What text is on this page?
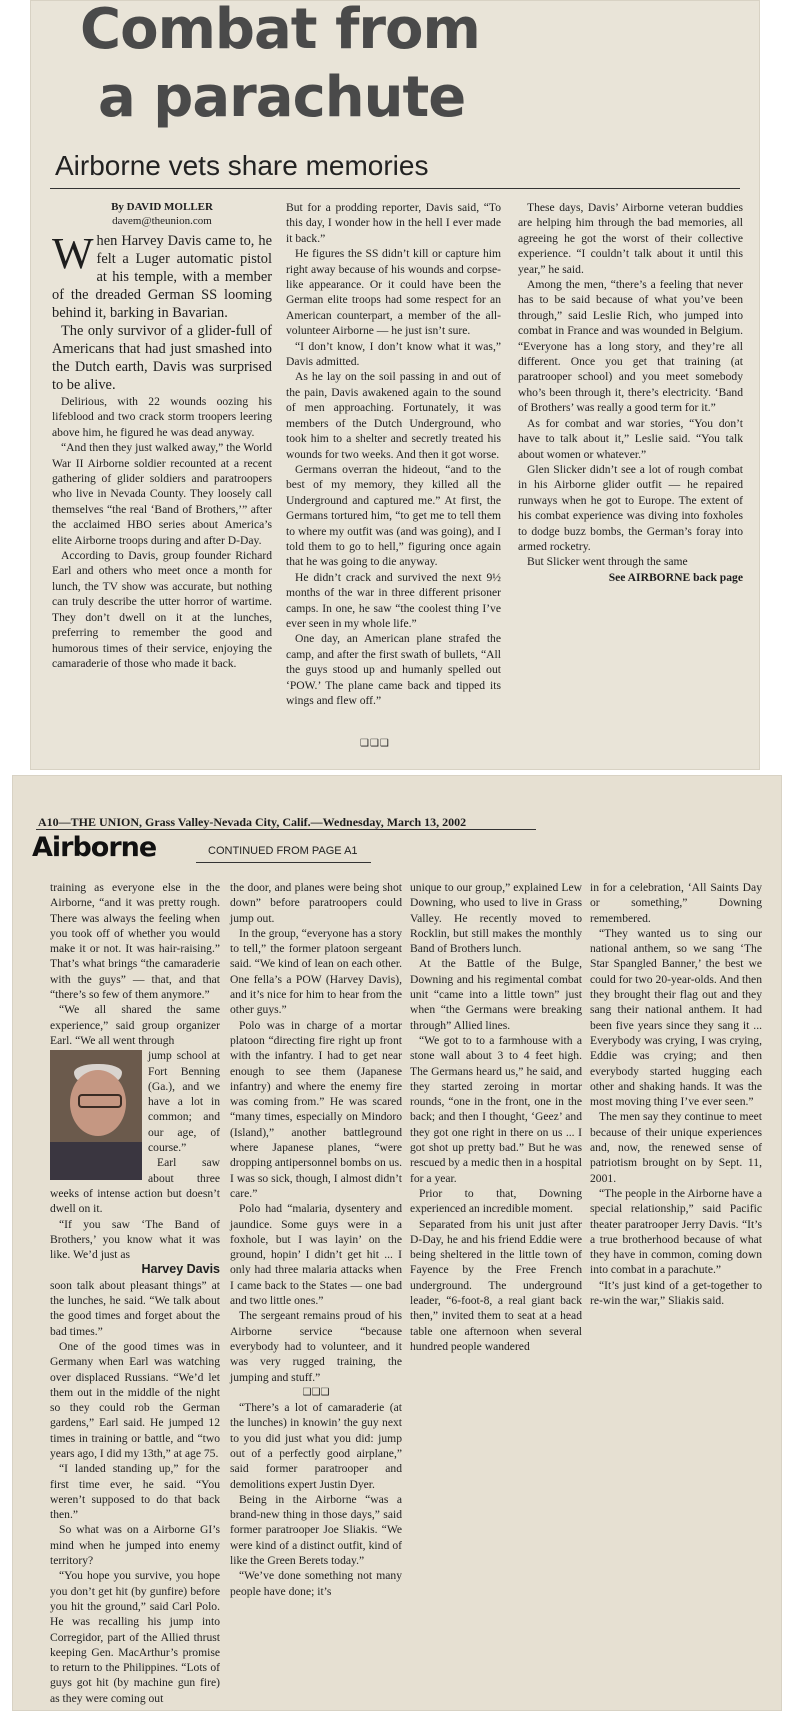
Combat from
a parachute
Airborne vets share memories
By DAVID MOLLER
davem@theunion.com

When Harvey Davis came to, he felt a Luger automatic pistol at his temple, with a member of the dreaded German SS looming behind it, barking in Bavarian.

The only survivor of a glider-full of Americans that had just smashed into the Dutch earth, Davis was surprised to be alive.

Delirious, with 22 wounds oozing his lifeblood and two crack storm troopers leering above him, he figured he was dead anyway.

“And then they just walked away,” the World War II Airborne soldier recounted at a recent gathering of glider soldiers and paratroopers who live in Nevada County. They loosely call themselves “the real ‘Band of Brothers,’” after the acclaimed HBO series about America’s elite Airborne troops during and after D-Day.

According to Davis, group founder Richard Earl and others who meet once a month for lunch, the TV show was accurate, but nothing can truly describe the utter horror of wartime. They don’t dwell on it at the lunches, preferring to remember the good and humorous times of their service, enjoying the camaraderie of those who made it back.

But for a prodding reporter, Davis said, “To this day, I wonder how in the hell I ever made it back.”

He figures the SS didn’t kill or capture him right away because of his wounds and corpse-like appearance. Or it could have been the German elite troops had some respect for an American counterpart, a member of the all-volunteer Airborne — he just isn’t sure.

“I don’t know, I don’t know what it was,” Davis admitted.

As he lay on the soil passing in and out of the pain, Davis awakened again to the sound of men approaching. Fortunately, it was members of the Dutch Underground, who took him to a shelter and secretly treated his wounds for two weeks. And then it got worse.

Germans overran the hideout, “and to the best of my memory, they killed all the Underground and captured me.” At first, the Germans tortured him, “to get me to tell them to where my outfit was (and was going), and I told them to go to hell,” figuring once again that he was going to die anyway.

He didn’t crack and survived the next 9½ months of the war in three different prisoner camps. In one, he saw “the coolest thing I’ve ever seen in my whole life.”

One day, an American plane strafed the camp, and after the first swath of bullets, “All the guys stood up and humanly spelled out ‘POW.’ The plane came back and tipped its wings and flew off.”

❑❑❑

These days, Davis’ Airborne veteran buddies are helping him through the bad memories, all agreeing he got the worst of their collective experience. “I couldn’t talk about it until this year,” he said.

Among the men, “there’s a feeling that never has to be said because of what you’ve been through,” said Leslie Rich, who jumped into combat in France and was wounded in Belgium. “Everyone has a long story, and they’re all different. Once you get that training (at paratrooper school) and you meet somebody who’s been through it, there’s electricity. ‘Band of Brothers’ was really a good term for it.”

As for combat and war stories, “You don’t have to talk about it,” Leslie said. “You talk about women or whatever.”

Glen Slicker didn’t see a lot of rough combat in his Airborne glider outfit — he repaired runways when he got to Europe. The extent of his combat experience was diving into foxholes to dodge buzz bombs, the German’s foray into armed rocketry.

But Slicker went through the same

See AIRBORNE back page

A10—THE UNION, Grass Valley-Nevada City, Calif.—Wednesday, March 13, 2002
Airborne	CONTINUED FROM PAGE A1

training as everyone else in the Airborne, “and it was pretty rough. There was always the feeling when you took off of whether you would make it or not. It was hair-raising.” That’s what brings “the camaraderie with the guys” — that, and that “there’s so few of them anymore.”

“We all shared the same experience,” said group organizer Earl. “We all went through

jump school at Fort Benning (Ga.), and we have a lot in common; and our age, of course.”

Earl saw about three weeks of intense action but doesn’t dwell on it.

“If you saw ‘The Band of Brothers,’ you know what it was like. We’d just as

Harvey Davis

soon talk about pleasant things” at the lunches, he said. “We talk about the good times and forget about the bad times.”

One of the good times was in Germany when Earl was watching over displaced Russians. “We’d let them out in the middle of the night so they could rob the German gardens,” Earl said. He jumped 12 times in training or battle, and “two years ago, I did my 13th,” at age 75.

“I landed standing up,” for the first time ever, he said. “You weren’t supposed to do that back then.”

So what was on a Airborne GI’s mind when he jumped into enemy territory?

“You hope you survive, you hope you don’t get hit (by gunfire) before you hit the ground,” said Carl Polo. He was recalling his jump into Corregidor, part of the Allied thrust keeping Gen. MacArthur’s promise to return to the Philippines. “Lots of guys got hit (by machine gun fire) as they were coming out

the door, and planes were being shot down” before paratroopers could jump out.

In the group, “everyone has a story to tell,” the former platoon sergeant said. “We kind of lean on each other. One fella’s a POW (Harvey Davis), and it’s nice for him to hear from the other guys.”

Polo was in charge of a mortar platoon “directing fire right up front with the infantry. I had to get near enough to see them (Japanese infantry) and where the enemy fire was coming from.” He was scared “many times, especially on Mindoro (Island),” another battleground where Japanese planes, “were dropping antipersonnel bombs on us. I was so sick, though, I almost didn’t care.”

Polo had “malaria, dysentery and jaundice. Some guys were in a foxhole, but I was layin’ on the ground, hopin’ I didn’t get hit ... I only had three malaria attacks when I came back to the States — one bad and two little ones.”

The sergeant remains proud of his Airborne service “because everybody had to volunteer, and it was very rugged training, the jumping and stuff.”

❑❑❑

“There’s a lot of camaraderie (at the lunches) in knowin’ the guy next to you did just what you did: jump out of a perfectly good airplane,” said former paratrooper and demolitions expert Justin Dyer.

Being in the Airborne “was a brand-new thing in those days,” said former paratrooper Joe Sliakis. “We were kind of a distinct outfit, kind of like the Green Berets today.”

“We’ve done something not many people have done; it’s

unique to our group,” explained Lew Downing, who used to live in Grass Valley. He recently moved to Rocklin, but still makes the monthly Band of Brothers lunch.

At the Battle of the Bulge, Downing and his regimental combat unit “came into a little town” just when “the Germans were breaking through” Allied lines.

“We got to to a farmhouse with a stone wall about 3 to 4 feet high. The Germans heard us,” he said, and they started zeroing in mortar rounds, “one in the front, one in the back; and then I thought, ‘Geez’ and they got one right in there on us ... I got shot up pretty bad.” But he was rescued by a medic then in a hospital for a year.

Prior to that, Downing experienced an incredible moment.

Separated from his unit just after D-Day, he and his friend Eddie were being sheltered in the little town of Fayence by the Free French underground. The underground leader, “6-foot-8, a real giant back then,” invited them to seat at a head table one afternoon when several hundred people wandered

in for a celebration, ‘All Saints Day or something,” Downing remembered.

“They wanted us to sing our national anthem, so we sang ‘The Star Spangled Banner,’ the best we could for two 20-year-olds. And then they brought their flag out and they sang their national anthem. It had been five years since they sang it ... Everybody was crying, I was crying, Eddie was crying; and then everybody started hugging each other and shaking hands. It was the most moving thing I’ve ever seen.”

The men say they continue to meet because of their unique experiences and, now, the renewed sense of patriotism brought on by Sept. 11, 2001.

“The people in the Airborne have a special relationship,” said Pacific theater paratrooper Jerry Davis. “It’s a true brotherhood because of what they have in common, coming down into combat in a parachute.”

“It’s just kind of a get-together to re-win the war,” Sliakis said.
